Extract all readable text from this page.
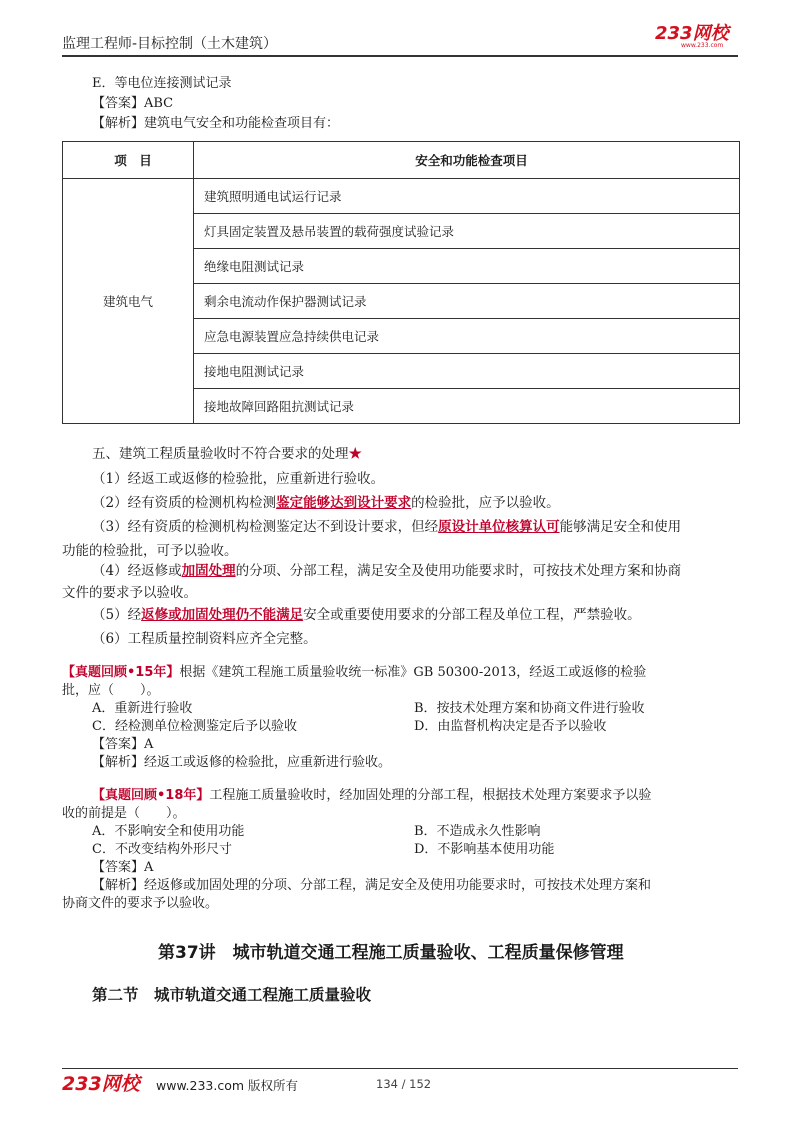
监理工程师-目标控制（土木建筑）	233网校
www.233.com
E．等电位连接测试记录
【答案】ABC
【解析】建筑电气安全和功能检查项目有：
项　目	安全和功能检查项目
建筑电气	建筑照明通电试运行记录
	灯具固定装置及悬吊装置的载荷强度试验记录
	绝缘电阻测试记录
	剩余电流动作保护器测试记录
	应急电源装置应急持续供电记录
	接地电阻测试记录
	接地故障回路阻抗测试记录
五、建筑工程质量验收时不符合要求的处理★
（1）经返工或返修的检验批，应重新进行验收。
（2）经有资质的检测机构检测鉴定能够达到设计要求的检验批，应予以验收。
（3）经有资质的检测机构检测鉴定达不到设计要求，但经原设计单位核算认可能够满足安全和使用
功能的检验批，可予以验收。
（4）经返修或加固处理的分项、分部工程，满足安全及使用功能要求时，可按技术处理方案和协商
文件的要求予以验收。
（5）经返修或加固处理仍不能满足安全或重要使用要求的分部工程及单位工程，严禁验收。
（6）工程质量控制资料应齐全完整。
【真题回顾•15年】根据《建筑工程施工质量验收统一标准》GB 50300-2013，经返工或返修的检验
批，应（　　）。
A．重新进行验收	B．按技术处理方案和协商文件进行验收
C．经检测单位检测鉴定后予以验收	D．由监督机构决定是否予以验收
【答案】A
【解析】经返工或返修的检验批，应重新进行验收。
【真题回顾•18年】工程施工质量验收时，经加固处理的分部工程，根据技术处理方案要求予以验
收的前提是（　　）。
A．不影响安全和使用功能	B．不造成永久性影响
C．不改变结构外形尺寸	D．不影响基本使用功能
【答案】A
【解析】经返修或加固处理的分项、分部工程，满足安全及使用功能要求时，可按技术处理方案和
协商文件的要求予以验收。
第37讲　城市轨道交通工程施工质量验收、工程质量保修管理
第二节　城市轨道交通工程施工质量验收
233网校 www.233.com 版权所有	134 / 152
